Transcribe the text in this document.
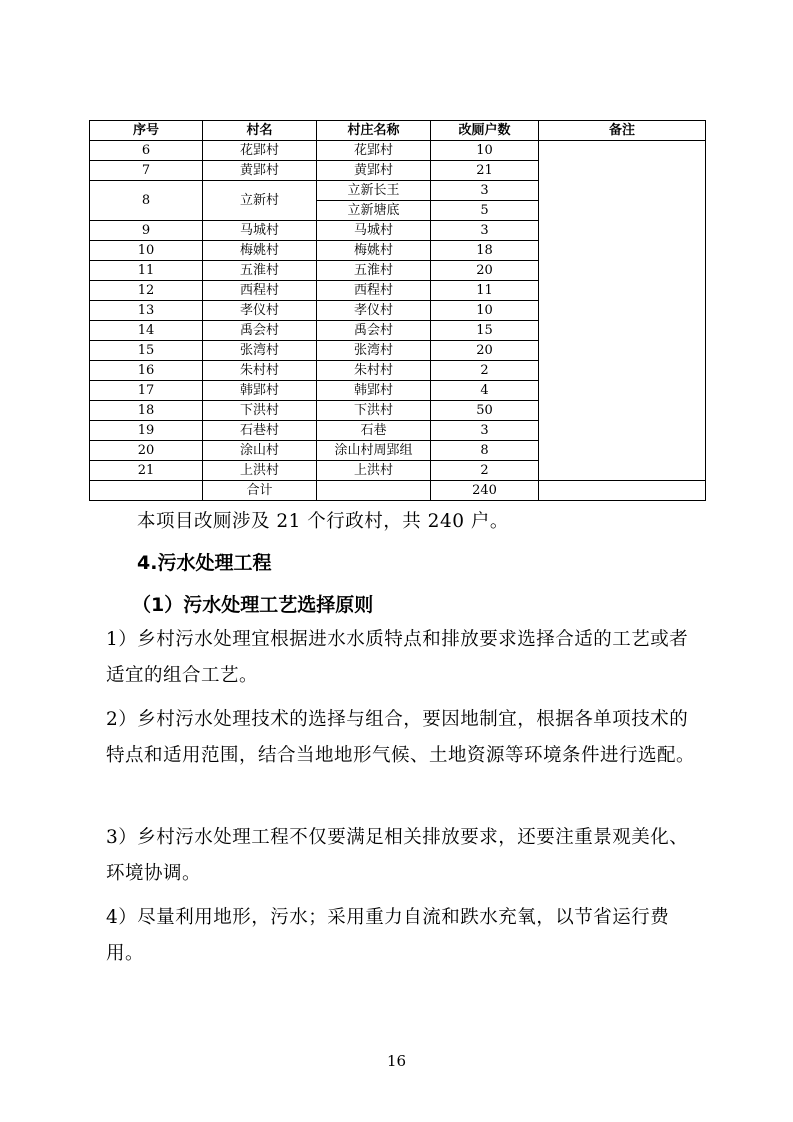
序号	村名	村庄名称	改厕户数	备注
6	花郢村	花郢村	10	
7	黄郢村	黄郢村	21	
8	立新村	立新长王	3	
		立新塘底	5	
9	马城村	马城村	3	
10	梅姚村	梅姚村	18	
11	五淮村	五淮村	20	
12	西程村	西程村	11	
13	孝仪村	孝仪村	10	
14	禹会村	禹会村	15	
15	张湾村	张湾村	20	
16	朱村村	朱村村	2	
17	韩郢村	韩郢村	4	
18	下洪村	下洪村	50	
19	石巷村	石巷	3	
20	涂山村	涂山村周郢组	8	
21	上洪村	上洪村	2	
	合计		240	

本项目改厕涉及 21 个行政村，共 240 户。

4.污水处理工程

（1）污水处理工艺选择原则

1）乡村污水处理宜根据进水水质特点和排放要求选择合适的工艺或者适宜的组合工艺。

2）乡村污水处理技术的选择与组合，要因地制宜，根据各单项技术的特点和适用范围，结合当地地形气候、土地资源等环境条件进行选配。

3）乡村污水处理工程不仅要满足相关排放要求，还要注重景观美化、环境协调。

4）尽量利用地形，污水；采用重力自流和跌水充氧，以节省运行费用。

16
